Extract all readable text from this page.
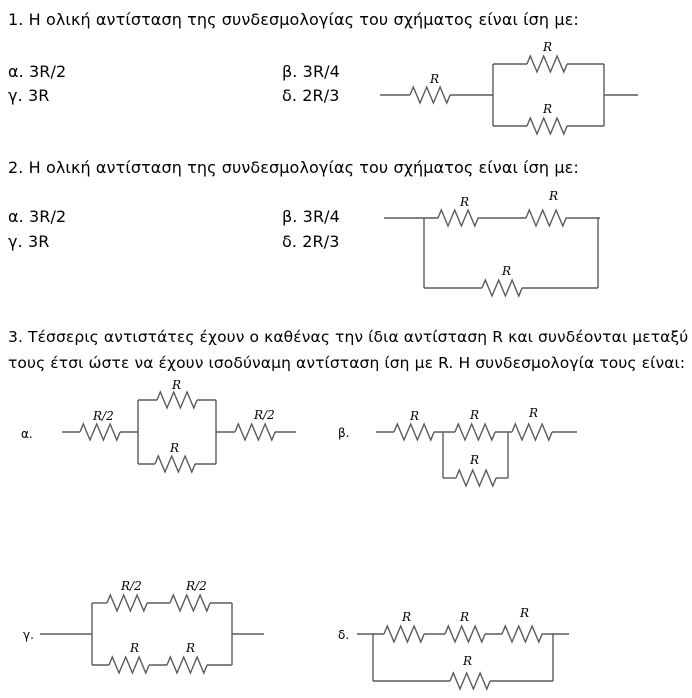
1. Η ολική αντίσταση της συνδεσμολογίας του σχήματος είναι ίση με:
α. 3R/2	β. 3R/4
γ. 3R	δ. 2R/3
2. Η ολική αντίσταση της συνδεσμολογίας του σχήματος είναι ίση με:
α. 3R/2	β. 3R/4
γ. 3R	δ. 2R/3
3. Τέσσερις αντιστάτες έχουν ο καθένας την ίδια αντίσταση R και συνδέονται μεταξύ
τους έτσι ώστε να έχουν ισοδύναμη αντίσταση ίση με R. Η συνδεσμολογία τους είναι:
α.	β.
γ.	δ.
R
R
R
R	R
R
R/2
R
R
R/2	R	R	R
R
R/2	R/2
R	R
R	R	R
R
